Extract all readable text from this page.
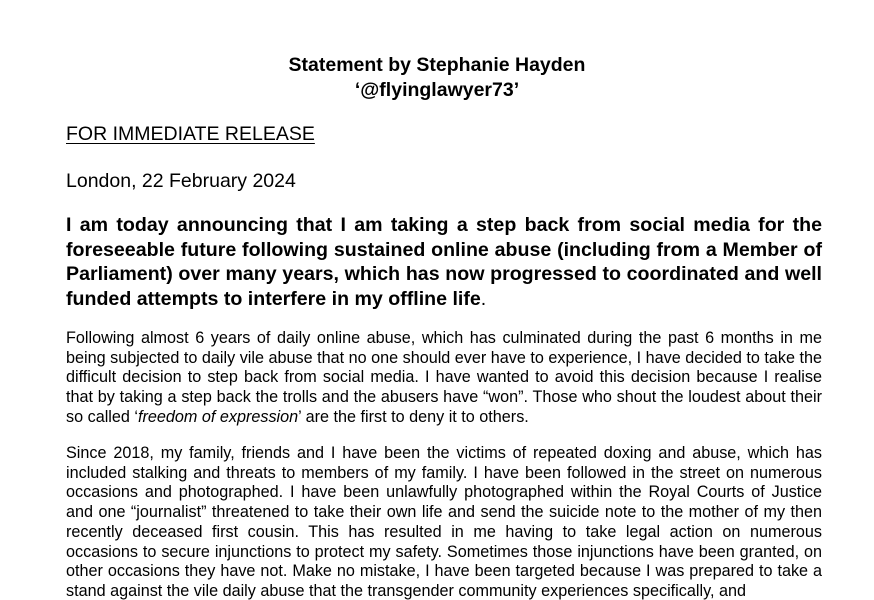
Statement by Stephanie Hayden
‘@flyinglawyer73’
FOR IMMEDIATE RELEASE
London, 22 February 2024
I am today announcing that I am taking a step back from social media for the foreseeable future following sustained online abuse (including from a Member of Parliament) over many years, which has now progressed to coordinated and well funded attempts to interfere in my offline life.

Following almost 6 years of daily online abuse, which has culminated during the past 6 months in me being subjected to daily vile abuse that no one should ever have to experience, I have decided to take the difficult decision to step back from social media. I have wanted to avoid this decision because I realise that by taking a step back the trolls and the abusers have “won”. Those who shout the loudest about their so called ‘freedom of expression’ are the first to deny it to others.

Since 2018, my family, friends and I have been the victims of repeated doxing and abuse, which has included stalking and threats to members of my family. I have been followed in the street on numerous occasions and photographed. I have been unlawfully photographed within the Royal Courts of Justice and one “journalist” threatened to take their own life and send the suicide note to the mother of my then recently deceased first cousin. This has resulted in me having to take legal action on numerous occasions to secure injunctions to protect my safety. Sometimes those injunctions have been granted, on other occasions they have not. Make no mistake, I have been targeted because I was prepared to take a stand against the vile daily abuse that the transgender community experiences specifically, and
